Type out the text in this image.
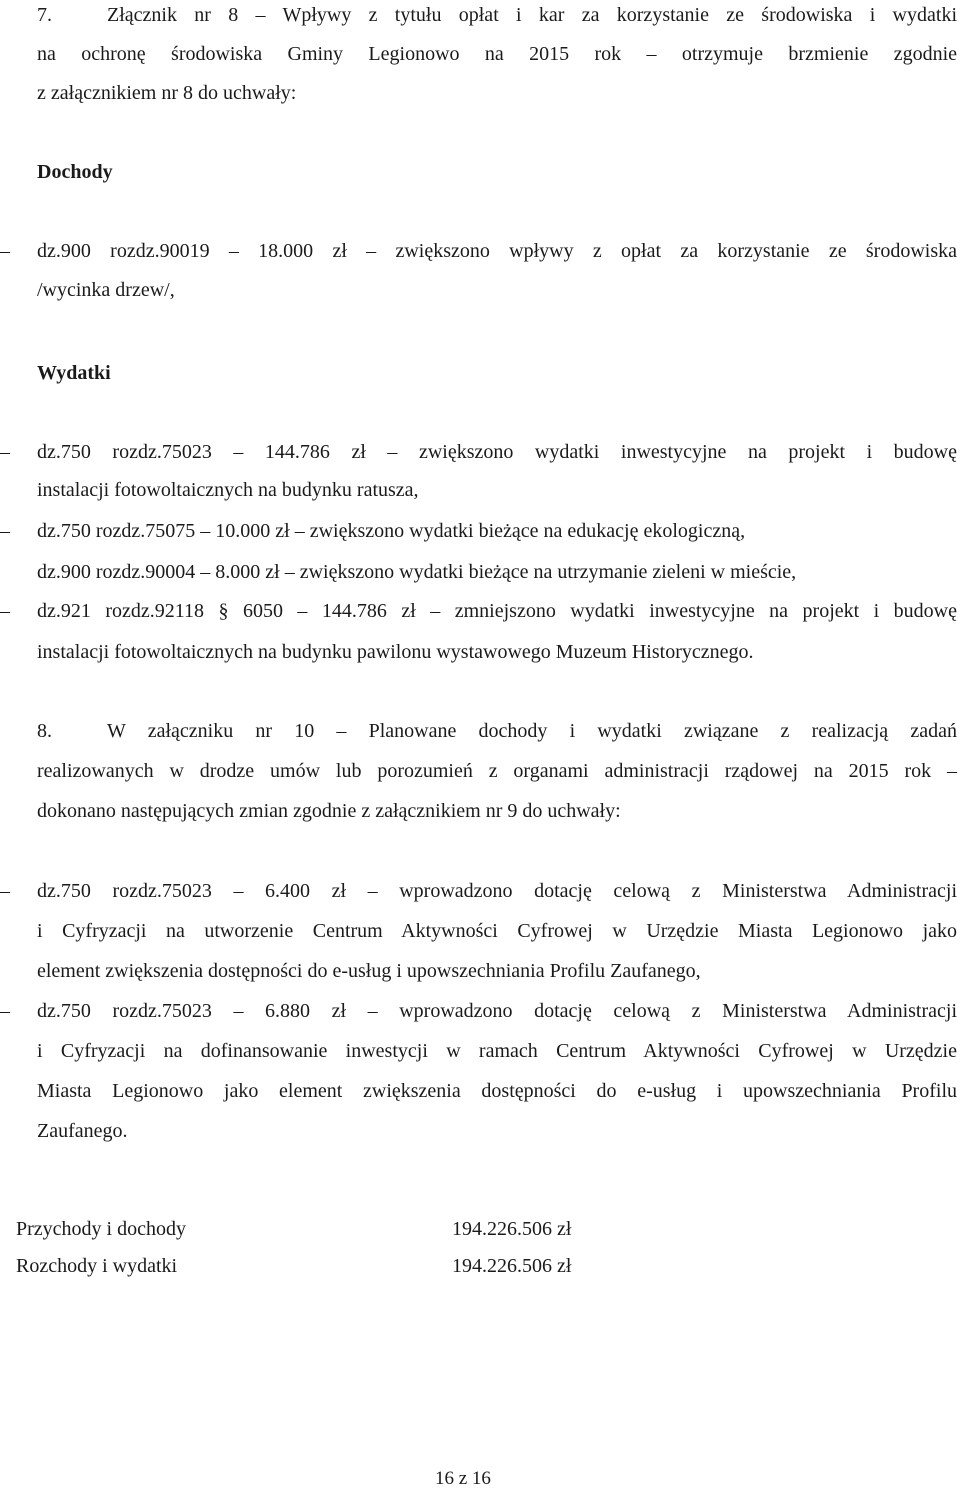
7.	Złącznik nr 8 – Wpływy z tytułu opłat i kar za korzystanie ze środowiska i wydatki
na ochronę środowiska Gminy Legionowo na 2015 rok – otrzymuje brzmienie zgodnie
z załącznikiem nr 8 do uchwały:
Dochody
– dz.900 rozdz.90019 – 18.000 zł – zwiększono wpływy z opłat za korzystanie ze środowiska
/wycinka drzew/,
Wydatki
– dz.750 rozdz.75023 – 144.786 zł – zwiększono wydatki inwestycyjne na projekt i budowę
instalacji fotowoltaicznych na budynku ratusza,
– dz.750 rozdz.75075 – 10.000 zł – zwiększono wydatki bieżące na edukację ekologiczną,
dz.900 rozdz.90004 – 8.000 zł – zwiększono wydatki bieżące na utrzymanie zieleni w mieście,
– dz.921 rozdz.92118 § 6050 – 144.786 zł – zmniejszono wydatki inwestycyjne na projekt i budowę
instalacji fotowoltaicznych na budynku pawilonu wystawowego Muzeum Historycznego.
8.	W załączniku nr 10 – Planowane dochody i wydatki związane z realizacją zadań
realizowanych w drodze umów lub porozumień z organami administracji rządowej na 2015 rok –
dokonano następujących zmian zgodnie z załącznikiem nr 9 do uchwały:
– dz.750 rozdz.75023 – 6.400 zł – wprowadzono dotację celową z Ministerstwa Administracji
i Cyfryzacji na utworzenie Centrum Aktywności Cyfrowej w Urzędzie Miasta Legionowo jako
element zwiększenia dostępności do e-usług i upowszechniania Profilu Zaufanego,
– dz.750 rozdz.75023 – 6.880 zł – wprowadzono dotację celową z Ministerstwa Administracji
i Cyfryzacji na dofinansowanie inwestycji w ramach Centrum Aktywności Cyfrowej w Urzędzie
Miasta Legionowo jako element zwiększenia dostępności do e-usług i upowszechniania Profilu
Zaufanego.
Przychody i dochody	194.226.506 zł
Rozchody i wydatki	194.226.506 zł
16 z 16
